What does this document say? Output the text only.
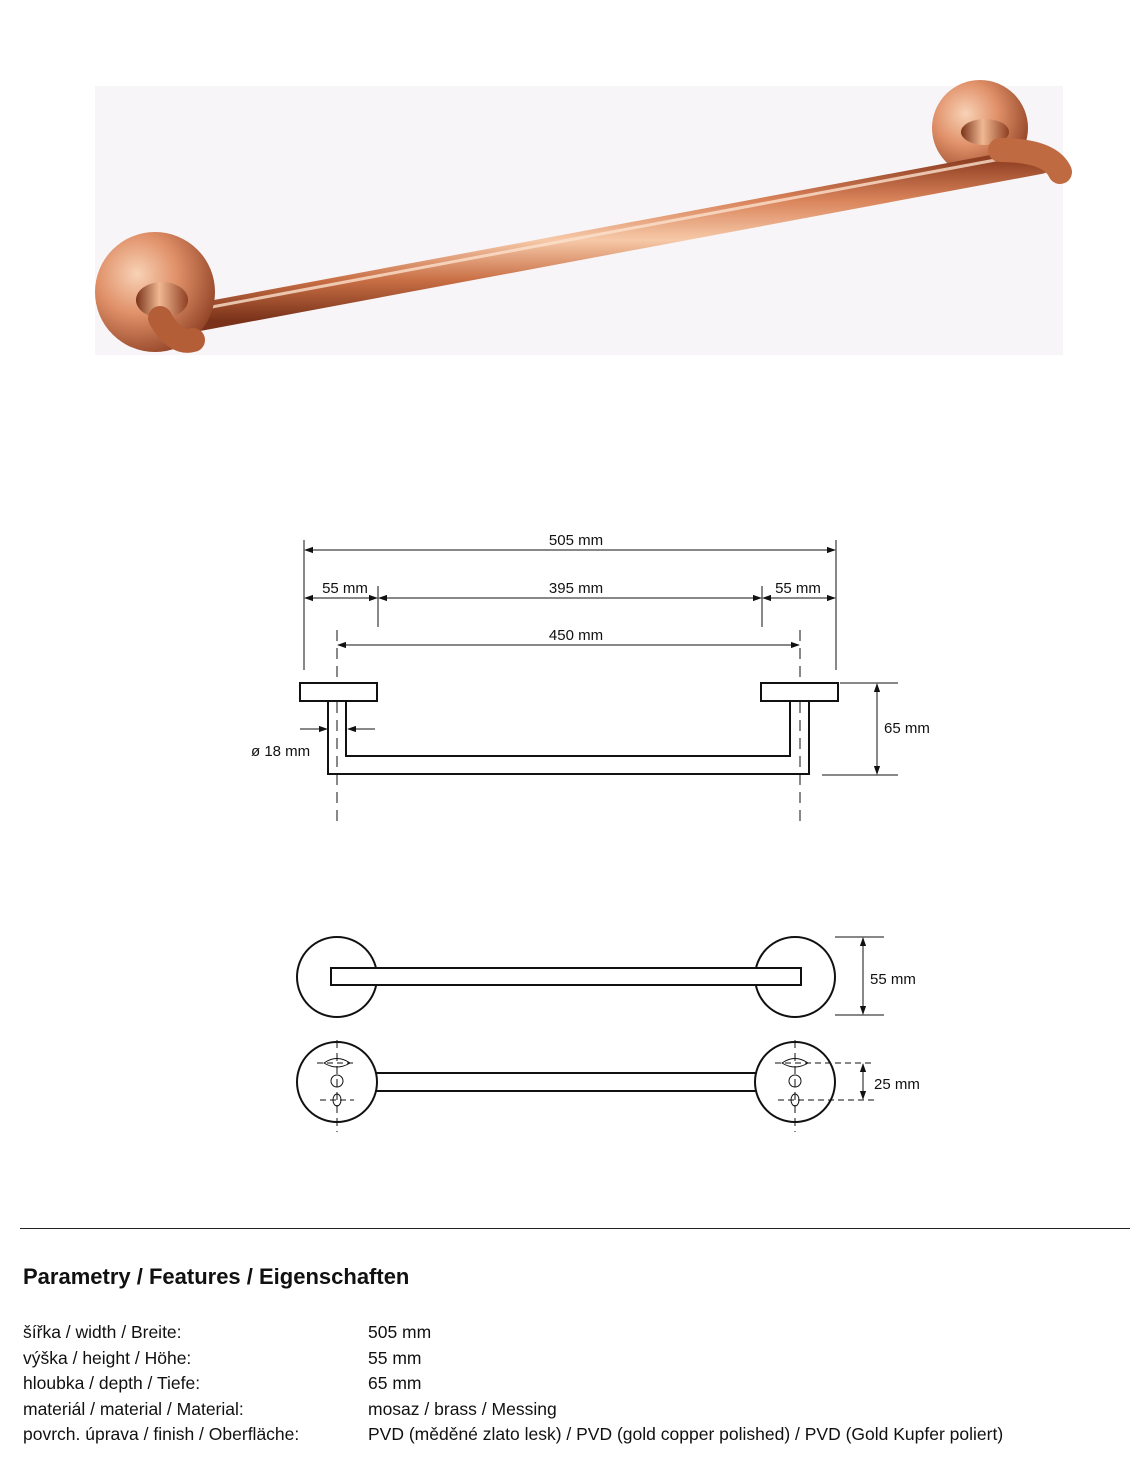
505 mm
55 mm	395 mm	55 mm
450 mm
ø 18 mm
65 mm
55 mm
25 mm
Parametry / Features / Eigenschaften
šířka / width / Breite:	505 mm
výška / height / Höhe:	55 mm
hloubka / depth / Tiefe:	65 mm
materiál / material / Material:	mosaz / brass / Messing
povrch. úprava / finish / Oberfläche:	PVD (měděné zlato lesk) / PVD (gold copper polished) / PVD (Gold Kupfer poliert)
